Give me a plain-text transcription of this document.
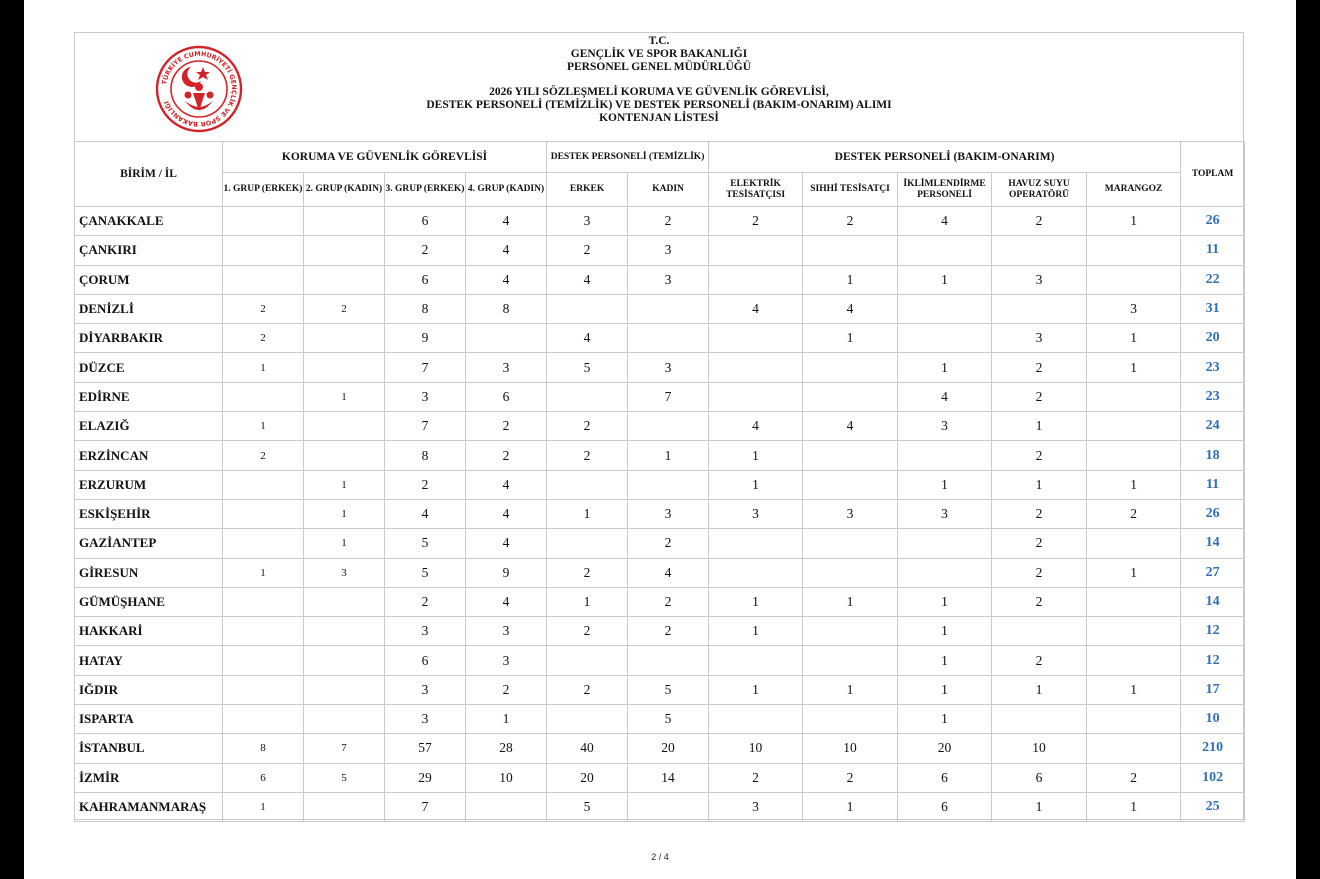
TÜRKİYE CUMHURİYETİ GENÇLİK VE SPOR BAKANLIĞI
T.C.
GENÇLİK VE SPOR BAKANLIĞI
PERSONEL GENEL MÜDÜRLÜĞÜ
2026 YILI SÖZLEŞMELİ KORUMA VE GÜVENLİK GÖREVLİSİ,
DESTEK PERSONELİ (TEMİZLİK) VE DESTEK PERSONELİ (BAKIM-ONARIM) ALIMI
KONTENJAN LİSTESİ
BİRİM / İL	KORUMA VE GÜVENLİK GÖREVLİSİ				DESTEK PERSONELİ (TEMİZLİK)		DESTEK PERSONELİ (BAKIM-ONARIM)					TOPLAM
	1. GRUP (ERKEK)	2. GRUP (KADIN)	3. GRUP (ERKEK)	4. GRUP (KADIN)	ERKEK	KADIN	ELEKTRİK TESİSATÇISI	SIHHİ TESİSATÇI	İKLİMLENDİRME PERSONELİ	HAVUZ SUYU OPERATÖRÜ	MARANGOZ	
ÇANAKKALE			6	4	3	2	2	2	4	2	1	26
ÇANKIRI			2	4	2	3						11
ÇORUM			6	4	4	3		1	1	3		22
DENİZLİ	2	2	8	8			4	4			3	31
DİYARBAKIR	2		9		4			1		3	1	20
DÜZCE	1		7	3	5	3			1	2	1	23
EDİRNE		1	3	6		7			4	2		23
ELAZIĞ	1		7	2	2		4	4	3	1		24
ERZİNCAN	2		8	2	2	1	1			2		18
ERZURUM		1	2	4			1		1	1	1	11
ESKİŞEHİR		1	4	4	1	3	3	3	3	2	2	26
GAZİANTEP		1	5	4		2				2		14
GİRESUN	1	3	5	9	2	4				2	1	27
GÜMÜŞHANE			2	4	1	2	1	1	1	2		14
HAKKARİ			3	3	2	2	1		1			12
HATAY			6	3					1	2		12
IĞDIR			3	2	2	5	1	1	1	1	1	17
ISPARTA			3	1		5			1			10
İSTANBUL	8	7	57	28	40	20	10	10	20	10		210
İZMİR	6	5	29	10	20	14	2	2	6	6	2	102
KAHRAMANMARAŞ	1		7		5		3	1	6	1	1	25
2 / 4
